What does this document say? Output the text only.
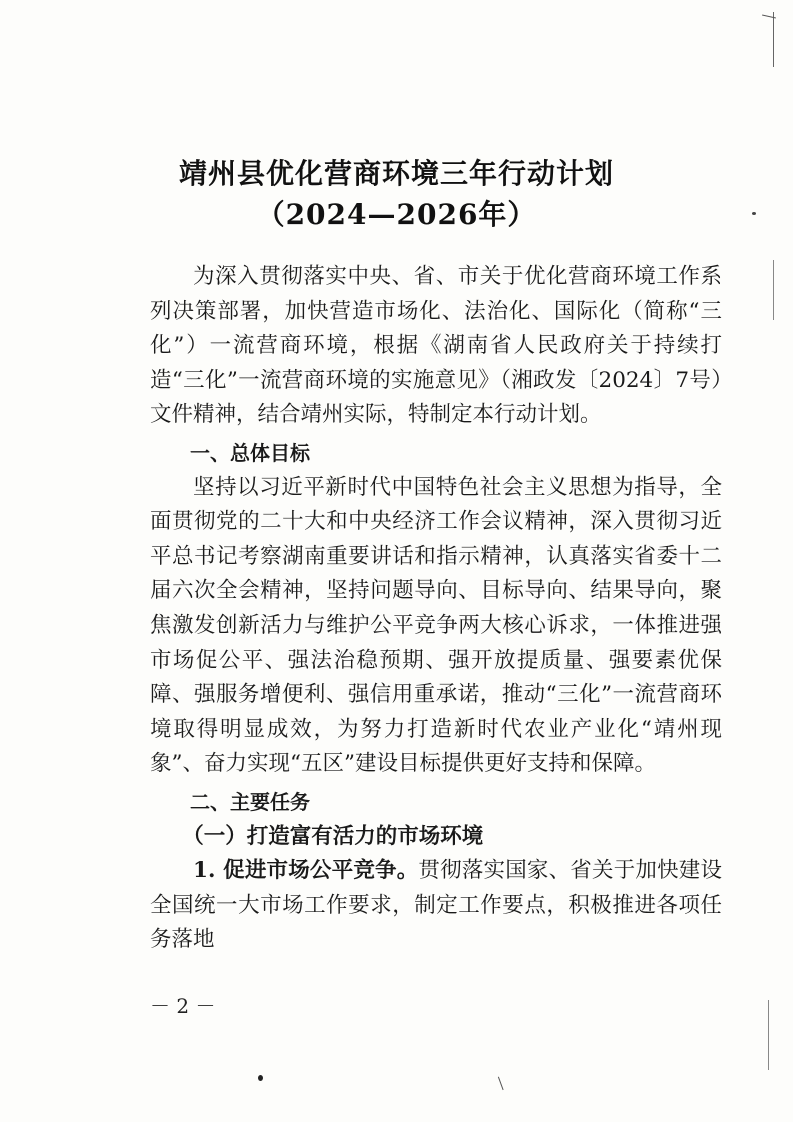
靖州县优化营商环境三年行动计划
（2024—2026年）

为深入贯彻落实中央、省、市关于优化营商环境工作系列决策部署，加快营造市场化、法治化、国际化（简称“三化”）一流营商环境，根据《湖南省人民政府关于持续打造“三化”一流营商环境的实施意见》（湘政发〔2024〕7号）文件精神，结合靖州实际，特制定本行动计划。

一、总体目标

坚持以习近平新时代中国特色社会主义思想为指导，全面贯彻党的二十大和中央经济工作会议精神，深入贯彻习近平总书记考察湖南重要讲话和指示精神，认真落实省委十二届六次全会精神，坚持问题导向、目标导向、结果导向，聚焦激发创新活力与维护公平竞争两大核心诉求，一体推进强市场促公平、强法治稳预期、强开放提质量、强要素优保障、强服务增便利、强信用重承诺，推动“三化”一流营商环境取得明显成效，为努力打造新时代农业产业化“靖州现象”、奋力实现“五区”建设目标提供更好支持和保障。

二、主要任务

（一）打造富有活力的市场环境

1. 促进市场公平竞争。贯彻落实国家、省关于加快建设全国统一大市场工作要求，制定工作要点，积极推进各项任务落地

－ 2 －
